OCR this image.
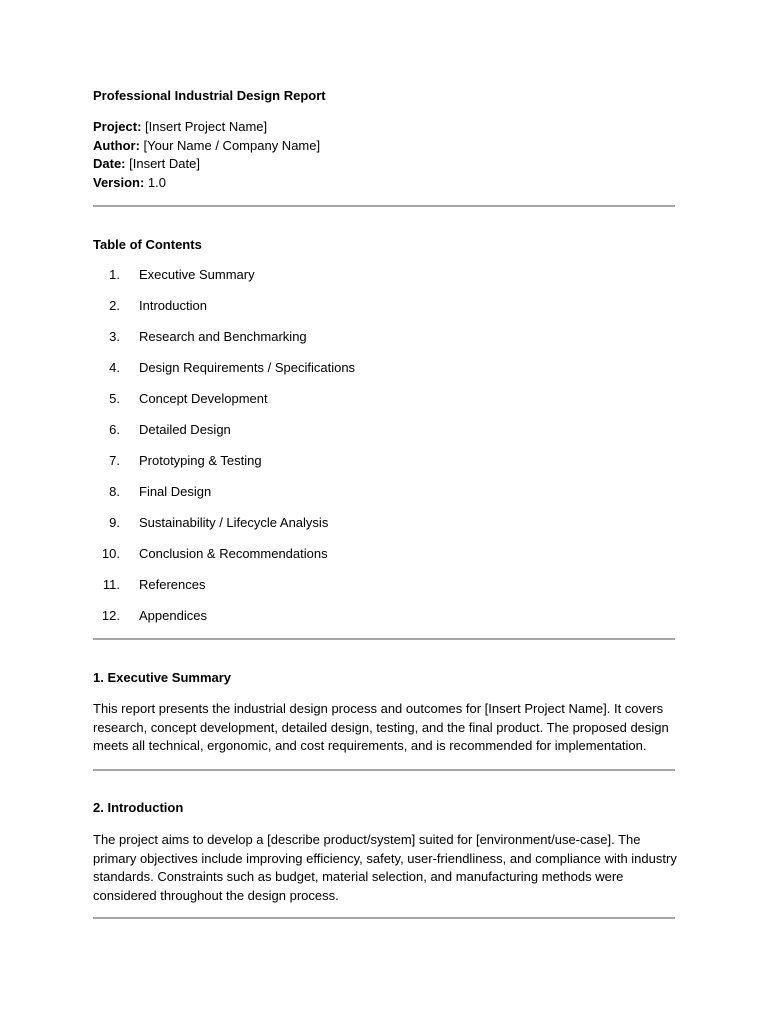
Professional Industrial Design Report
Project: [Insert Project Name]
Author: [Your Name / Company Name]
Date: [Insert Date]
Version: 1.0
Table of Contents
1. Executive Summary
2. Introduction
3. Research and Benchmarking
4. Design Requirements / Specifications
5. Concept Development
6. Detailed Design
7. Prototyping & Testing
8. Final Design
9. Sustainability / Lifecycle Analysis
10. Conclusion & Recommendations
11. References
12. Appendices
1. Executive Summary

This report presents the industrial design process and outcomes for [Insert Project Name]. It covers research, concept development, detailed design, testing, and the final product. The proposed design meets all technical, ergonomic, and cost requirements, and is recommended for implementation.

2. Introduction

The project aims to develop a [describe product/system] suited for [environment/use-case]. The primary objectives include improving efficiency, safety, user-friendliness, and compliance with industry standards. Constraints such as budget, material selection, and manufacturing methods were considered throughout the design process.
